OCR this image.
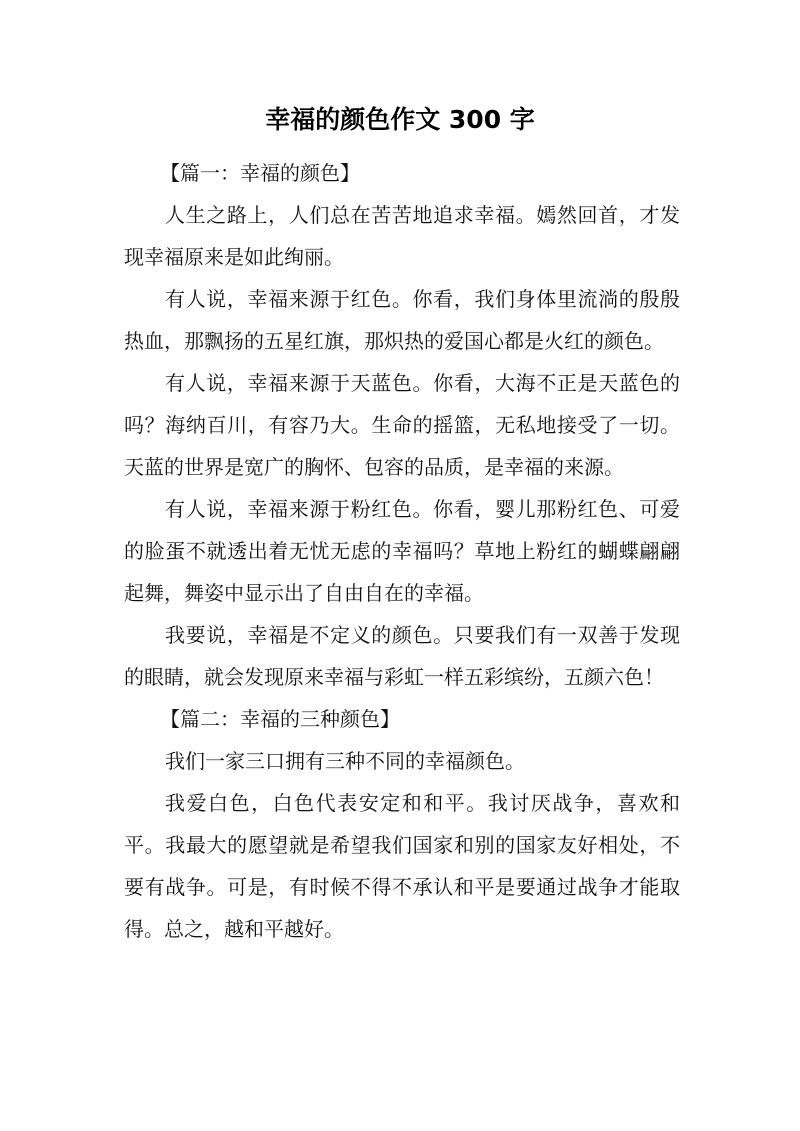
幸福的颜色作文 300 字

【篇一：幸福的颜色】

人生之路上，人们总在苦苦地追求幸福。嫣然回首，才发现幸福原来是如此绚丽。

有人说，幸福来源于红色。你看，我们身体里流淌的殷殷热血，那飘扬的五星红旗，那炽热的爱国心都是火红的颜色。

有人说，幸福来源于天蓝色。你看，大海不正是天蓝色的吗？海纳百川，有容乃大。生命的摇篮，无私地接受了一切。天蓝的世界是宽广的胸怀、包容的品质，是幸福的来源。

有人说，幸福来源于粉红色。你看，婴儿那粉红色、可爱的脸蛋不就透出着无忧无虑的幸福吗？草地上粉红的蝴蝶翩翩起舞，舞姿中显示出了自由自在的幸福。

我要说，幸福是不定义的颜色。只要我们有一双善于发现的眼睛，就会发现原来幸福与彩虹一样五彩缤纷，五颜六色！

【篇二：幸福的三种颜色】

我们一家三口拥有三种不同的幸福颜色。

我爱白色，白色代表安定和和平。我讨厌战争，喜欢和平。我最大的愿望就是希望我们国家和别的国家友好相处，不要有战争。可是，有时候不得不承认和平是要通过战争才能取得。总之，越和平越好。
